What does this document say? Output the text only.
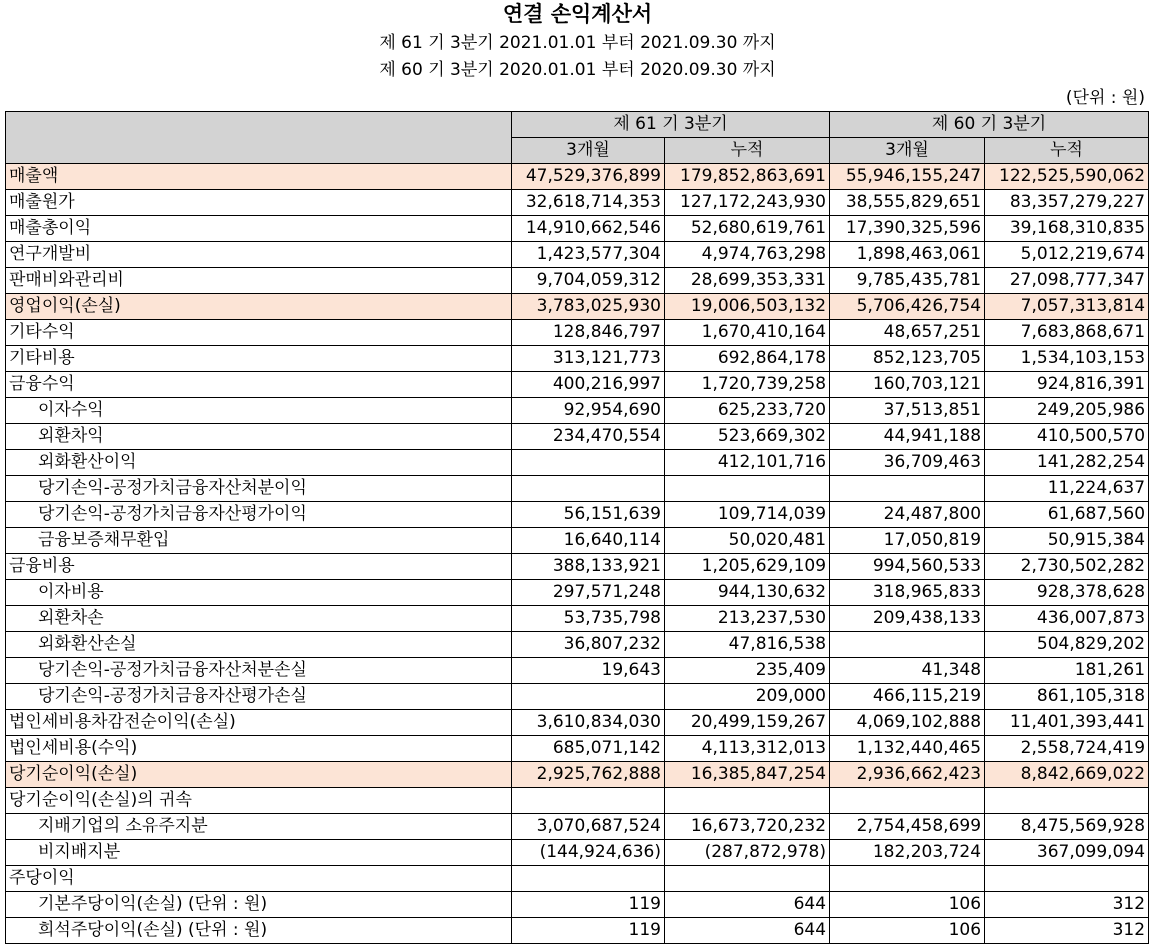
연결 손익계산서
제 61 기 3분기 2021.01.01 부터 2021.09.30 까지
제 60 기 3분기 2020.01.01 부터 2020.09.30 까지
(단위 : 원)
	제 61 기 3분기		제 60 기 3분기	
	3개월	누적	3개월	누적
매출액	47,529,376,899	179,852,863,691	55,946,155,247	122,525,590,062
매출원가	32,618,714,353	127,172,243,930	38,555,829,651	83,357,279,227
매출총이익	14,910,662,546	52,680,619,761	17,390,325,596	39,168,310,835
연구개발비	1,423,577,304	4,974,763,298	1,898,463,061	5,012,219,674
판매비와관리비	9,704,059,312	28,699,353,331	9,785,435,781	27,098,777,347
영업이익(손실)	3,783,025,930	19,006,503,132	5,706,426,754	7,057,313,814
기타수익	128,846,797	1,670,410,164	48,657,251	7,683,868,671
기타비용	313,121,773	692,864,178	852,123,705	1,534,103,153
금융수익	400,216,997	1,720,739,258	160,703,121	924,816,391
이자수익	92,954,690	625,233,720	37,513,851	249,205,986
외환차익	234,470,554	523,669,302	44,941,188	410,500,570
외화환산이익		412,101,716	36,709,463	141,282,254
당기손익-공정가치금융자산처분이익				11,224,637
당기손익-공정가치금융자산평가이익	56,151,639	109,714,039	24,487,800	61,687,560
금융보증채무환입	16,640,114	50,020,481	17,050,819	50,915,384
금융비용	388,133,921	1,205,629,109	994,560,533	2,730,502,282
이자비용	297,571,248	944,130,632	318,965,833	928,378,628
외환차손	53,735,798	213,237,530	209,438,133	436,007,873
외화환산손실	36,807,232	47,816,538		504,829,202
당기손익-공정가치금융자산처분손실	19,643	235,409	41,348	181,261
당기손익-공정가치금융자산평가손실		209,000	466,115,219	861,105,318
법인세비용차감전순이익(손실)	3,610,834,030	20,499,159,267	4,069,102,888	11,401,393,441
법인세비용(수익)	685,071,142	4,113,312,013	1,132,440,465	2,558,724,419
당기순이익(손실)	2,925,762,888	16,385,847,254	2,936,662,423	8,842,669,022
당기순이익(손실)의 귀속				
지배기업의 소유주지분	3,070,687,524	16,673,720,232	2,754,458,699	8,475,569,928
비지배지분	(144,924,636)	(287,872,978)	182,203,724	367,099,094
주당이익				
기본주당이익(손실) (단위 : 원)	119	644	106	312
희석주당이익(손실) (단위 : 원)	119	644	106	312
